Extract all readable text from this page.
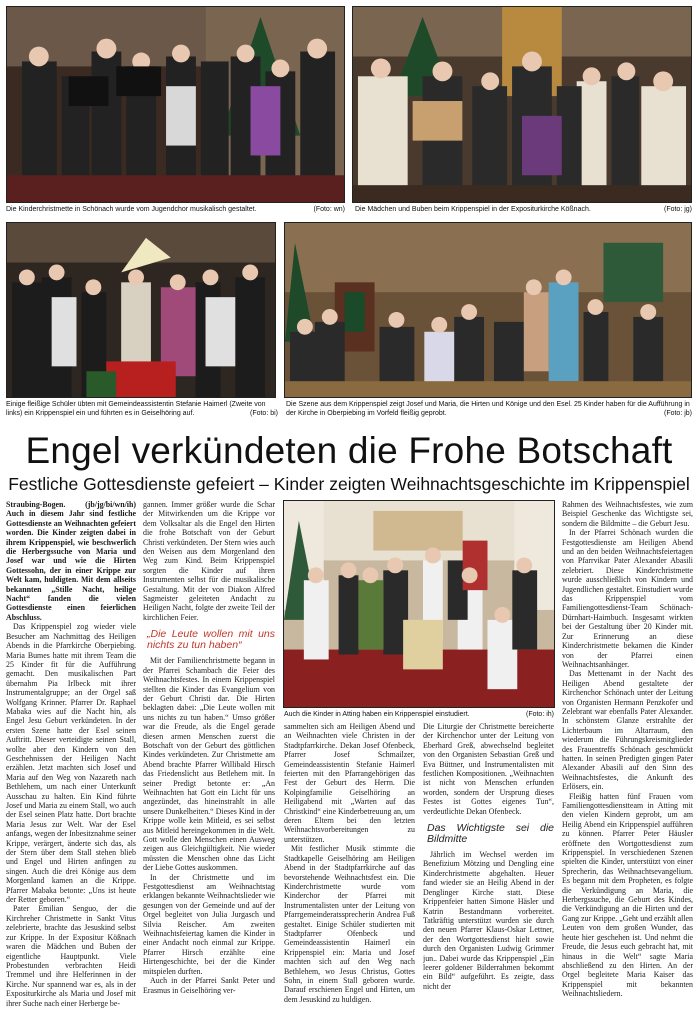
Die Kinderchristmette in Schönach wurde vom Jugendchor musikalisch gestaltet.	(Foto: wn) Die Mädchen und Buben beim Krippenspiel in der Expositurkirche Kößnach.	(Foto: jg)
Einige fleißige Schüler übten mit Gemeindeassistentin Stefanie Haimerl (Zweite von links) ein Krippenspiel ein und führten es in Geiselhöring auf.	(Foto: bi)
Die Szene aus dem Krippenspiel zeigt Josef und Maria, die Hirten und Könige und den Esel. 25 Kinder haben für die Aufführung in der Kirche in Oberpiebing im Vorfeld fleißig geprobt.	(Foto: jb)
Engel verkündeten die Frohe Botschaft
Festliche Gottesdienste gefeiert – Kinder zeigten Weihnachtsgeschichte im Krippenspiel

Straubing-Bogen. (jb/jg/bi/wn/ih) Auch in diesem Jahr sind festliche Gottesdienste an Weihnachten gefeiert worden. Die Kinder zeigten dabei in ihrem Krippenspiel, wie beschwerlich die Herbergssuche von Maria und Josef war und wie die Hirten Gottessohn, der in einer Krippe zur Welt kam, huldigten. Mit dem allseits bekannten „Stille Nacht, heilige Nacht“ fanden die vielen Gottesdienste einen feierlichen Abschluss.

Das Krippenspiel zog wieder viele Besucher am Nachmittag des Heiligen Abends in die Pfarrkirche Oberpiebing. Maria Bumes hatte mit ihrem Team die 25 Kinder fit für die Aufführung gemacht. Den musikalischen Part übernahm Pia Irlbeck mit ihrer Instrumentalgruppe; an der Orgel saß Wolfgang Krinner. Pfarrer Dr. Raphael Mabaka wies auf die Nacht hin, als Engel Jesu Geburt verkündeten. In der ersten Szene hatte der Esel seinen Auftritt. Dieser verteidigte seinen Stall, wollte aber den Kindern von den Geschehnissen der Heiligen Nacht erzählen. Jetzt machten sich Josef und Maria auf den Weg von Nazareth nach Bethlehem, um nach einer Unterkunft Ausschau zu halten. Ein Kind führte Josef und Maria zu einem Stall, wo auch der Esel seinen Platz hatte. Dort brachte Maria Jesus zur Welt. War der Esel anfangs, wegen der Inbesitznahme seiner Krippe, verärgert, änderte sich das, als der Stern über dem Stall stehen blieb und Engel und Hirten anfingen zu singen. Auch die drei Könige aus dem Morgenland kamen an die Krippe. Pfarrer Mabaka betonte: „Uns ist heute der Retter geboren.“

Pater Emilian Senguo, der die Kirchreher Christmette in Sankt Vitus zelebrierte, brachte das Jesuskind selbst zur Krippe. In der Expositur Kößnach waren die Mädchen und Buben der eigentliche Hauptpunkt. Viele Probestunden verbrachten Heidi Tremmel und ihre Helferinnen in der Kirche. Nur spannend war es, als in der Expositurkirche als Maria und Josef mit ihrer Suche nach einer Herberge be-

gannen. Immer größer wurde die Schar der Mitwirkenden um die Krippe vor dem Volksaltar als die Engel den Hirten die frohe Botschaft von der Geburt Christi verkündeten. Der Stern wies auch den Weisen aus dem Morgenland den Weg zum Kind. Beim Krippenspiel sorgten die Kinder auf ihren Instrumenten selbst für die musikalische Gestaltung. Mit der von Diakon Alfred Sagmeister geleiteten Andacht zu Heiligen Nacht, folgte der zweite Teil der kirchlichen Feier.

„Die Leute wollen mit uns nichts zu tun haben“

Mit der Familienchristmette begann in der Pfarrei Schambach die Feier des Weihnachtsfestes. In einem Krippenspiel stellten die Kinder das Evangelium von der Geburt Christi dar. Die Hirten beklagten dabei: „Die Leute wollen mit uns nichts zu tun haben.“ Umso größer war die Freude, als die Engel gerade diesen armen Menschen zuerst die Botschaft von der Geburt des göttlichen Kindes verkündeten. Zur Christmette am Abend brachte Pfarrer Willibald Hirsch das Friedenslicht aus Betlehem mit. In seiner Predigt betonte er: „An Weihnachten hat Gott ein Licht für uns angezündet, das hineinstrahlt in alle unsere Dunkelheiten.“ Dieses Kind in der Krippe wolle kein Mitleid, es sei selbst aus Mitleid hereingekommen in die Welt. Gott wolle den Menschen einen Ausweg zeigen aus Gleichgültigkeit. Nie wieder müssten die Menschen ohne das Licht der Liebe Gottes auskommen.

In der Christmette und im Festgottesdienst am Weihnachtstag erklangen bekannte Weihnachtslieder wie gesungen von der Gemeinde und auf der Orgel begleitet von Julia Jurgasch und Silvia Reischer. Am zweiten Weihnachtsfeiertag kamen die Kinder in einer Andacht noch einmal zur Krippe. Pfarrer Hirsch erzählte eine Hirtengeschichte, bei der die Kinder mitspielen durften.

Auch in der Pfarrei Sankt Peter und Erasmus in Geiselhöring ver-

Auch die Kinder in Atting haben ein Krippenspiel einstudiert.	(Foto: ih)

sammelten sich am Heiligen Abend und an Weihnachten viele Christen in der Stadtpfarrkirche. Dekan Josef Ofenbeck, Pfarrer Josef Schmailzer, Gemeindeassistentin Stefanie Haimerl feierten mit den Pfarrangehörigen das Fest der Geburt des Herrn. Die Kolpingfamilie Geiselhöring an Heiligabend mit „Warten auf das Christkind“ eine Kinderbetreuung an, um deren Eltern bei den letzten Weihnachtsvorbereitungen zu unterstützen.

Mit festlicher Musik stimmte die Stadtkapelle Geiselhöring am Heiligen Abend in der Stadtpfarrkirche auf das bevorstehende Weihnachtsfest ein. Die Kinderchristmette wurde vom Kinderchor der Pfarrei mit Instrumentalisten unter der Leitung von Pfarrgemeinderatssprecherin Andrea Fuß gestaltet. Einige Schüler studierten mit Stadtpfarrer Ofenbeck und Gemeindeassistentin Haimerl ein Krippenspiel ein: Maria und Josef machten sich auf den Weg nach Bethlehem, wo Jesus Christus, Gottes Sohn, in einem Stall geboren wurde. Darauf erschienen Engel und Hirten, um dem Jesuskind zu huldigen.

Die Liturgie der Christmette bereicherte der Kirchenchor unter der Leitung von Eberhard Greß, abwechselnd begleitet von den Organisten Sebastian Greß und Eva Büttner, und Instrumentalisten mit festlichen Kompositionen. „Weihnachten ist nicht von Menschen erfunden worden, sondern der Ursprung dieses Festes ist Gottes eigenes Tun“, verdeutlichte Dekan Ofenbeck.

Das Wichtigste sei die Bildmitte

Jährlich im Wechsel werden im Benefizium Mötzing und Dengling eine Kinderchristmette abgehalten. Heuer fand wieder sie an Heilig Abend in der Denglinger Kirche statt. Diese Krippenfeier hatten Simone Häsler und Katrin Bestandmann vorbereitet. Tatkräftig unterstützt wurden sie durch den neuen Pfarrer Klaus-Oskar Lettner, der den Wortgottesdienst hielt sowie durch den Organisten Ludwig Grimmer jun.. Dabei wurde das Krippenspiel „Ein leerer goldener Bilderrahmen bekommt ein Bild“ aufgeführt. Es zeigte, dass nicht der

Rahmen des Weihnachtsfestes, wie zum Beispiel Geschenke das Wichtigste sei, sondern die Bildmitte – die Geburt Jesu.

In der Pfarrei Schönach wurden die Festgottesdienste am Heiligen Abend und an den beiden Weihnachtsfeiertagen von Pfarrvikar Pater Alexander Abasili zelebriert. Diese Kinderchristmette wurde ausschließlich von Kindern und Jugendlichen gestaltet. Einstudiert wurde das Krippenspiel vom Familiengottesdienst-Team Schönach-Dürnhart-Haimbuch. Insgesamt wirkten bei der Gestaltung über 20 Kinder mit. Zur Erinnerung an diese Kinderchristmette bekamen die Kinder von der Pfarrei einen Weihnachtsanhänger.

Das Mettenamt in der Nacht des Heiligen Abend gestaltete der Kirchenchor Schönach unter der Leitung von Organisten Hermann Penzkofer und Zelebrant war ebenfalls Pater Alexander. In schönstem Glanze erstrahlte der Lichterbaum im Altarraum, den wiederum die Führungskreismitglieder des Frauentreffs Schönach geschmückt hatten. In seinen Predigten gingen Pater Alexander Abasili auf den Sinn des Weihnachtsfestes, die Ankunft des Erlösers, ein.

Fleißig hatten fünf Frauen vom Familiengottesdienstteam in Atting mit den vielen Kindern geprobt, um am Heilig Abend ein Krippenspiel aufführen zu können. Pfarrer Peter Häusler eröffnete den Wortgottesdienst zum Krippenspiel. In verschiedenen Szenen spielten die Kinder, unterstützt von einer Sprecherin, das Weihnachtsevangelium. Es begann mit dem Propheten, es folgte die Verkündigung an Maria, die Herbergssuche, die Geburt des Kindes, die Verkündigung an die Hirten und der Gang zur Krippe. „Geht und erzählt allen Leuten von dem großen Wunder, das heute hier geschehen ist. Und nehmt die Freude, die Jesus euch gebracht hat, mit hinaus in die Welt“ sagte Maria abschließend zu den Hirten. An der Orgel begleitete Maria Kaiser das Krippenspiel mit bekannten Weihnachtsliedern.
